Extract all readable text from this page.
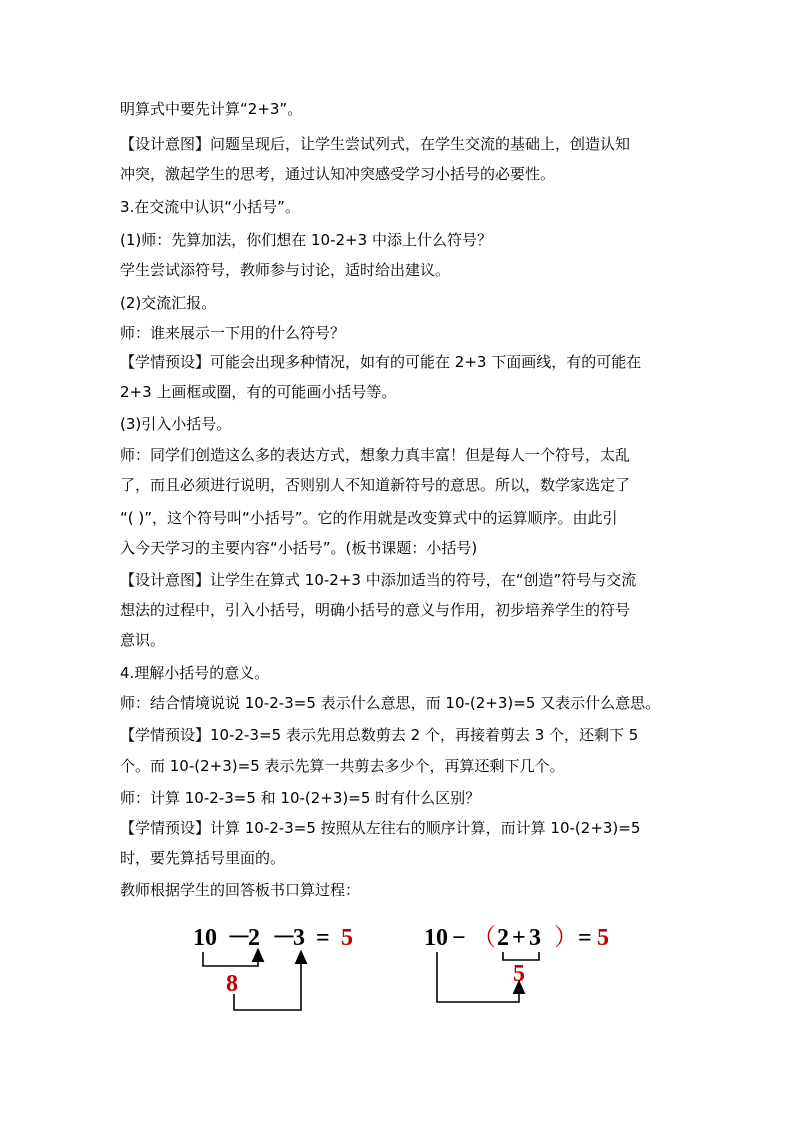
明算式中要先计算“2+3”。
【设计意图】问题呈现后，让学生尝试列式，在学生交流的基础上，创造认知
冲突，激起学生的思考，通过认知冲突感受学习小括号的必要性。
3.在交流中认识“小括号”。
(1)师：先算加法，你们想在 10-2+3 中添上什么符号？
学生尝试添符号，教师参与讨论，适时给出建议。
(2)交流汇报。
师：谁来展示一下用的什么符号？
【学情预设】可能会出现多种情况，如有的可能在 2+3 下面画线，有的可能在
2+3 上画框或圈，有的可能画小括号等。
(3)引入小括号。
师：同学们创造这么多的表达方式，想象力真丰富！但是每人一个符号，太乱
了，而且必须进行说明，否则别人不知道新符号的意思。所以，数学家选定了
“( )”，这个符号叫“小括号”。它的作用就是改变算式中的运算顺序。由此引
入今天学习的主要内容“小括号”。(板书课题：小括号)
【设计意图】让学生在算式 10-2+3 中添加适当的符号，在“创造”符号与交流
想法的过程中，引入小括号，明确小括号的意义与作用，初步培养学生的符号
意识。
4.理解小括号的意义。
师：结合情境说说 10-2-3=5 表示什么意思，而 10-(2+3)=5 又表示什么意思。
【学情预设】10-2-3=5 表示先用总数剪去 2 个，再接着剪去 3 个，还剩下 5
个。而 10-(2+3)=5 表示先算一共剪去多少个，再算还剩下几个。
师：计算 10-2-3=5 和 10-(2+3)=5 时有什么区别？
【学情预设】计算 10-2-3=5 按照从左往右的顺序计算，而计算 10-(2+3)=5
时，要先算括号里面的。
教师根据学生的回答板书口算过程：
10 －
2 －
3 = 5
8
10 − （ 2 + 3 ） = 5
5
